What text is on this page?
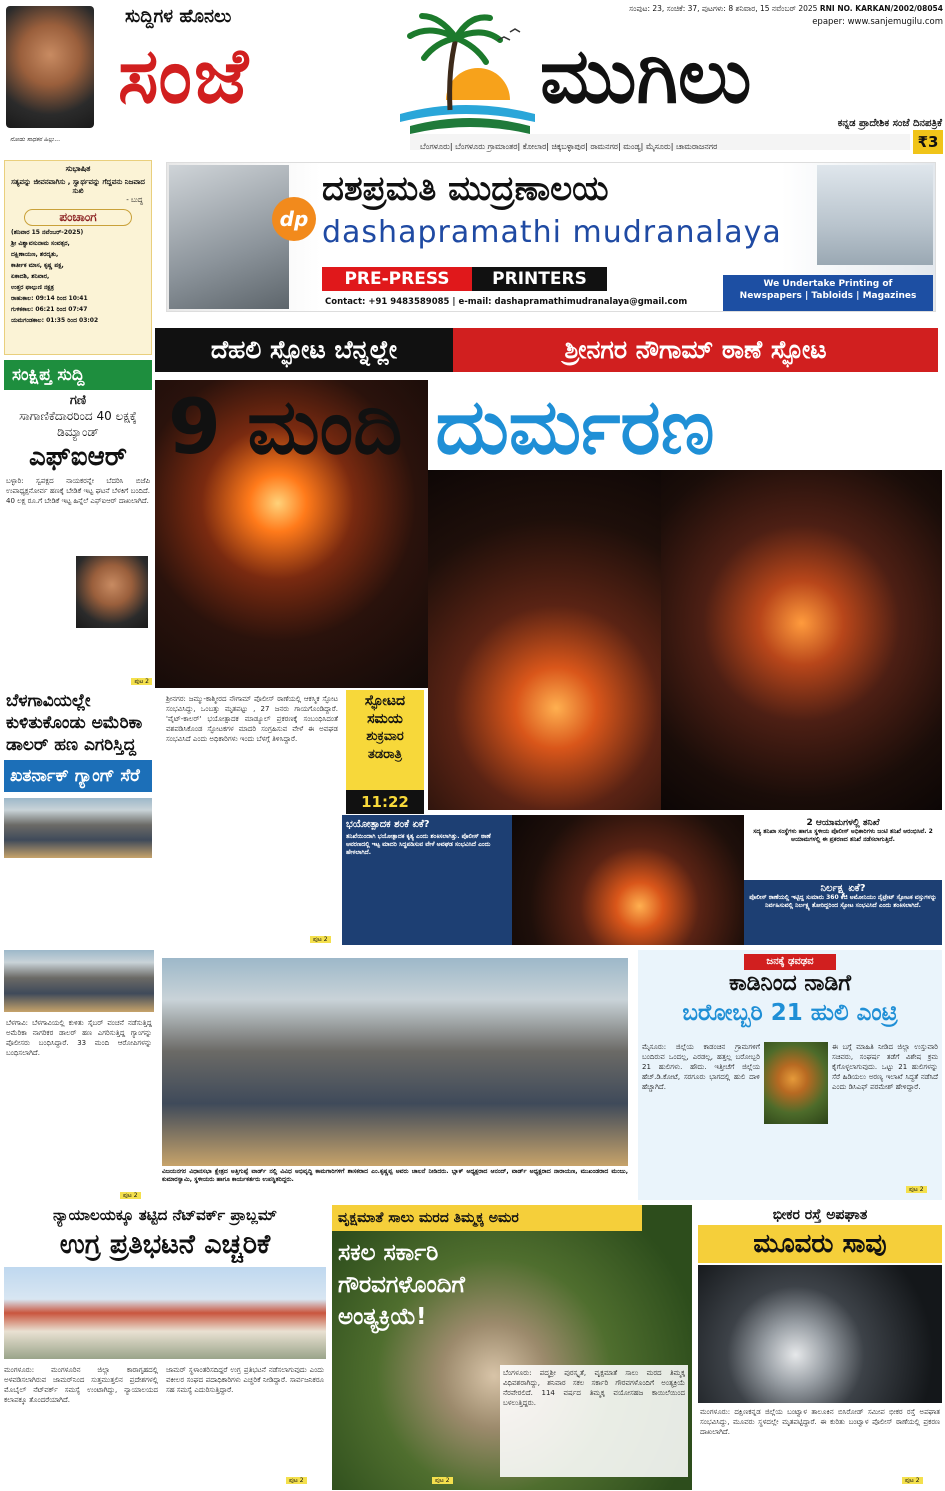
ನೋಡು ಸಾಧಕನ ಹಿಲ್ಲು...
ಸುದ್ದಿಗಳ ಹೊನಲು
ಸಂಜೆ	ಮುಗಿಲು
ಸಂಪುಟ: 23, ಸಂಚಿಕೆ: 37, ಪುಟಗಳು: 8 ಶನಿವಾರ, 15 ನವೆಂಬರ್ 2025 RNI NO. KARKAN/2002/08054
epaper: www.sanjemugilu.com
ಕನ್ನಡ ಪ್ರಾದೇಶಿಕ ಸಂಜೆ ದಿನಪತ್ರಿಕೆ
ಬೆಂಗಳೂರು| ಬೆಂಗಳೂರು ಗ್ರಾಮಾಂತರ| ಕೋಲಾರ| ಚಿಕ್ಕಬಳ್ಳಾಪುರ| ರಾಮನಗರ| ಮಂಡ್ಯ| ಮೈಸೂರು| ಚಾಮರಾಜನಗರ	₹3
ಸುಭಾಷಿತ
ಸತ್ಯವನ್ನು ಜೀವನವಾಗಿಸು , ಸ್ವಾರ್ಥವನ್ನು ಗೆದ್ದವನು ನಿಜವಾದ ಸುಖಿ
- ಬುದ್ಧ
ಪಂಚಾಂಗ
(ಶನಿವಾರ 15 ನವೆಂಬರ್-2025)
ಶ್ರೀ ವಿಶ್ವಾವಸುನಾಮ ಸಂವತ್ಸರ,
ದಕ್ಷಿಣಾಯಣ, ಶರದೃತು,
ಕಾರ್ತೀಕ ಮಾಸ, ಕೃಷ್ಣ ಪಕ್ಷ,
ಏಕಾದಶಿ, ಶನಿವಾರ,
ಉತ್ತರ ಫಾಲ್ಗುಣಿ ನಕ್ಷತ್ರ
ರಾಹುಕಾಲ: 09:14 ರಿಂದ 10:41
ಗುಳಿಕಕಾಲ: 06:21 ರಿಂದ 07:47
ಯಮಗಂಡಕಾಲ: 01:35 ರಿಂದ 03:02
ಸಂಕ್ಷಿಪ್ತ ಸುದ್ದಿ
ಗಣಿ
ಸಾಗಾಣಿಕೆದಾರರಿಂದ 40 ಲಕ್ಷಕ್ಕೆ ಡಿಮ್ಯಾಂಡ್
ಎಫ್‌ಐಆರ್
ಬಳ್ಳಾರಿ: ಸ್ವಪಕ್ಷದ ನಾಯಕರನ್ನೇ ಬೆದರಿಸಿ ಬಿಜೆಪಿ ಉಪಾಧ್ಯಕ್ಷನೋರ್ವ ಹಣಕ್ಕೆ ಬೇಡಿಕೆ ಇಟ್ಟ ಘಟನೆ ಬೆಳಕಿಗೆ ಬಂದಿದೆ. 40 ಲಕ್ಷ ರೂ.ಗೆ ಬೇಡಿಕೆ ಇಟ್ಟ ಹಿನ್ನೆಲೆ ಎಫ್‌ಐಆರ್ ದಾಖಲಾಗಿದೆ.
ಪುಟ 2
ಬೆಳಗಾವಿಯಲ್ಲೇ ಕುಳಿತುಕೊಂಡು ಅಮೆರಿಕಾ ಡಾಲರ್ ಹಣ ಎಗರಿಸ್ತಿದ್ದ
ಖತರ್ನಾಕ್ ಗ್ಯಾಂಗ್ ಸೆರೆ
dp
ದಶಪ್ರಮತಿ ಮುದ್ರಣಾಲಯ
dashapramathi mudranalaya
PRE-PRESS	PRINTERS
Contact: +91 9483589085 | e-mail: dashapramathimudranalaya@gmail.com
We Undertake Printing of
Newspapers | Tabloids | Magazines
ದೆಹಲಿ ಸ್ಫೋಟ ಬೆನ್ನಲ್ಲೇ	ಶ್ರೀನಗರ ನೌಗಾಮ್ ಠಾಣೆ ಸ್ಫೋಟ
9 ಮಂದಿ ದುರ್ಮರಣ
ಶ್ರೀನಗರ: ಜಮ್ಮು-ಕಾಶ್ಮೀರದ ನೌಗಾಮ್ ಪೊಲೀಸ್ ಠಾಣೆಯಲ್ಲಿ ಆಕಸ್ಮಿಕ ಸ್ಫೋಟ ಸಂಭವಿಸಿದ್ದು, ಒಂಬತ್ತು ಮೃತಪಟ್ಟು , 27 ಜನರು ಗಾಯಗೊಂಡಿದ್ದಾರೆ. 'ವೈಟ್-ಕಾಲರ್' ಭಯೋತ್ಪಾದಕ ಮಾಡ್ಯೂಲ್ ಪ್ರಕರಣಕ್ಕೆ ಸಂಬಂಧಿಸಿದಂತೆ ವಶಪಡಿಸಿಕೊಂಡ ಸ್ಫೋಟಕಗಳ ಮಾದರಿ ಸಂಗ್ರಹಿಸುವ ವೇಳೆ ಈ ಅವಘಡ ಸಂಭವಿಸಿದೆ ಎಂದು ಅಧಿಕಾರಿಗಳು ಇಂದು ಬೆಳಗ್ಗೆ ತಿಳಿಸಿದ್ದಾರೆ.
ಪುಟ 2
ಸ್ಫೋಟದ
ಸಮಯ
ಶುಕ್ರವಾರ
ತಡರಾತ್ರಿ
11:22
ಭಯೋತ್ಪಾದಕ ಶಂಕೆ ಏಕೆ?
ತನಿಖೆಯಿಂದಾಗಿ ಭಯೋತ್ಪಾದಕ ಕೃತ್ಯ ಎಂದು ಶಂಕಿಸಲಾಗಿತ್ತು. ಪೊಲೀಸ್ ಠಾಣೆ ಆವರಣದಲ್ಲಿ ಇಟ್ಟ ಮಾದರಿ ಸಿದ್ಧಪಡಿಸುವ ವೇಳೆ ಅವಘಡ ಸಂಭವಿಸಿದೆ ಎಂದು ಹೇಳಲಾಗಿದೆ.
2 ಆಯಾಮಗಳಲ್ಲಿ ತನಿಖೆ
ಸದ್ಯ ತನಿಖಾ ಸಂಸ್ಥೆಗಳು ಹಾಗೂ ಸ್ಥಳೀಯ ಪೊಲೀಸ್ ಅಧಿಕಾರಿಗಳು ಜಂಟಿ ತನಿಖೆ ಆರಂಭಿಸಿವೆ. 2 ಆಯಾಮಗಳಲ್ಲಿ ಈ ಪ್ರಕರಣದ ತನಿಖೆ ನಡೆಸಲಾಗುತ್ತಿದೆ.
ನಿರ್ಲಕ್ಷ್ಯ ಏಕೆ?
ಪೊಲೀಸ್ ಠಾಣೆಯಲ್ಲಿ ಇಟ್ಟಿದ್ದ ಸುಮಾರು 360 ಕೆಜಿ ಅಮೋನಿಯಂ ನೈಟ್ರೇಟ್ ಸ್ಫೋಟಕ ವಸ್ತುಗಳನ್ನು ನಿರ್ವಹಿಸುವಲ್ಲಿ ನಿರ್ಲಕ್ಷ್ಯ ತೋರಿದ್ದರಿಂದ ಸ್ಫೋಟ ಸಂಭವಿಸಿದೆ ಎಂದು ಶಂಕಿಸಲಾಗಿದೆ.
ಬೆಳಗಾವಿ: ಬೆಳಗಾವಿಯಲ್ಲಿ ಕುಳಿತು ಸೈಬರ್ ವಂಚನೆ ನಡೆಸುತ್ತಿದ್ದ ಅಮೆರಿಕಾ ನಾಗರಿಕರ ಡಾಲರ್ ಹಣ ಎಗರಿಸುತ್ತಿದ್ದ ಗ್ಯಾಂಗನ್ನು ಪೊಲೀಸರು ಬಂಧಿಸಿದ್ದಾರೆ. 33 ಮಂದಿ ಆರೋಪಿಗಳನ್ನು ಬಂಧಿಸಲಾಗಿದೆ.
ಪುಟ 2
ವಿಜಯನಗರ ವಿಧಾನಸಭಾ ಕ್ಷೇತ್ರದ ಅತ್ತಿಗುಪ್ಪೆ ವಾರ್ಡ್ ನಲ್ಲಿ ವಿವಿಧ ಅಭಿವೃದ್ಧಿ ಕಾಮಗಾರಿಗಳಿಗೆ ಶಾಸಕರಾದ ಎಂ.ಕೃಷ್ಣಪ್ಪ ಅವರು ಚಾಲನೆ ನೀಡಿದರು. ಬ್ಲಾಕ್ ಅಧ್ಯಕ್ಷರಾದ ಆನಂದ್, ವಾರ್ಡ್ ಅಧ್ಯಕ್ಷರಾದ ನಾರಾಯಣ, ಮುಖಂಡರಾದ ಮಂಜು, ಕುಮಾರಸ್ವಾಮಿ, ಸ್ಥಳೀಯರು ಹಾಗೂ ಕಾರ್ಯಕರ್ತರು ಉಪಸ್ಥಿತರಿದ್ದರು.
ಜನಕ್ಕೆ ಢವಢವ
ಕಾಡಿನಿಂದ ನಾಡಿಗೆ
ಬರೋಬ್ಬರಿ 21 ಹುಲಿ ಎಂಟ್ರಿ
ಮೈಸೂರು: ಜಿಲ್ಲೆಯ ಕಾಡಂಚಿನ ಗ್ರಾಮಗಳಿಗೆ ಬಂದಿರುವ ಒಂದಲ್ಲ, ಎರಡಲ್ಲ, ಹತ್ತಲ್ಲ ಬರೋಬ್ಬರಿ 21 ಹುಲಿಗಳು. ಹೌದು. ಇತ್ತೀಚೆಗೆ ಜಿಲ್ಲೆಯ ಹೆಚ್.ಡಿ.ಕೋಟೆ, ಸರಗೂರು ಭಾಗದಲ್ಲಿ ಹುಲಿ ದಾಳಿ ಹೆಚ್ಚಾಗಿದೆ.
ಈ ಬಗ್ಗೆ ಮಾಹಿತಿ ನೀಡಿದ ಜಿಲ್ಲಾ ಉಸ್ತುವಾರಿ ಸಚಿವರು, ಸಂಘರ್ಷ ತಡೆಗೆ ವಿಶೇಷ ಕ್ರಮ ಕೈಗೊಳ್ಳಲಾಗುವುದು. ಒಟ್ಟು 21 ಹುಲಿಗಳನ್ನು ಸೆರೆ ಹಿಡಿಯಲು ಅರಣ್ಯ ಇಲಾಖೆ ಸಿದ್ಧತೆ ನಡೆಸಿದೆ ಎಂದು ಡಿಸಿಎಫ್ ಪರಮೇಶ್ ಹೇಳಿದ್ದಾರೆ.
ಪುಟ 2
ನ್ಯಾಯಾಲಯಕ್ಕೂ ತಟ್ಟಿದ ನೆಟ್‌ವರ್ಕ್ ಪ್ರಾಬ್ಲಮ್
ಉಗ್ರ ಪ್ರತಿಭಟನೆ ಎಚ್ಚರಿಕೆ
ಮಂಗಳೂರು: ಮಂಗಳೂರಿನ ಜಿಲ್ಲಾ ಕಾರಾಗೃಹದಲ್ಲಿ ಅಳವಡಿಸಲಾಗಿರುವ ಜಾಮರ್‌ನಿಂದ ಸುತ್ತಮುತ್ತಲಿನ ಪ್ರದೇಶಗಳಲ್ಲಿ ಮೊಬೈಲ್ ನೆಟ್‌ವರ್ಕ್ ಸಮಸ್ಯೆ ಉಂಟಾಗಿದ್ದು, ನ್ಯಾಯಾಲಯದ ಕಲಾಪಕ್ಕೂ ತೊಂದರೆಯಾಗಿದೆ.
ಜಾಮರ್ ಸ್ಥಳಾಂತರಿಸದಿದ್ದರೆ ಉಗ್ರ ಪ್ರತಿಭಟನೆ ನಡೆಸಲಾಗುವುದು ಎಂದು ವಕೀಲರ ಸಂಘದ ಪದಾಧಿಕಾರಿಗಳು ಎಚ್ಚರಿಕೆ ನೀಡಿದ್ದಾರೆ. ಸಾರ್ವಜನಿಕರೂ ಸಹ ಸಮಸ್ಯೆ ಎದುರಿಸುತ್ತಿದ್ದಾರೆ.
ಪುಟ 2
ವೃಕ್ಷಮಾತೆ ಸಾಲು ಮರದ ತಿಮ್ಮಕ್ಕ ಅಮರ
ಸಕಲ ಸರ್ಕಾರಿ
ಗೌರವಗಳೊಂದಿಗೆ
ಅಂತ್ಯಕ್ರಿಯೆ!
ಬೆಂಗಳೂರು: ಪದ್ಮಶ್ರೀ ಪುರಸ್ಕೃತೆ, ವೃಕ್ಷಮಾತೆ ಸಾಲು ಮರದ ತಿಮ್ಮಕ್ಕ ವಿಧಿವಶರಾಗಿದ್ದು, ಶನಿವಾರ ಸಕಲ ಸರ್ಕಾರಿ ಗೌರವಗಳೊಂದಿಗೆ ಅಂತ್ಯಕ್ರಿಯೆ ನೆರವೇರಲಿದೆ. 114 ವರ್ಷದ ತಿಮ್ಮಕ್ಕ ವಯೋಸಹಜ ಕಾಯಿಲೆಯಿಂದ ಬಳಲುತ್ತಿದ್ದರು.
ಪುಟ 2
ಭೀಕರ ರಸ್ತೆ ಅಪಘಾತ
ಮೂವರು ಸಾವು
ಮಂಗಳೂರು: ದಕ್ಷಿಣಕನ್ನಡ ಜಿಲ್ಲೆಯ ಬಂಟ್ವಾಳ ತಾಲೂಕಿನ ಬಿಸಿರೋಡ್ ಸಮೀಪ ಭೀಕರ ರಸ್ತೆ ಅಪಘಾತ ಸಂಭವಿಸಿದ್ದು, ಮೂವರು ಸ್ಥಳದಲ್ಲೇ ಮೃತಪಟ್ಟಿದ್ದಾರೆ. ಈ ಕುರಿತು ಬಂಟ್ವಾಳ ಪೊಲೀಸ್ ಠಾಣೆಯಲ್ಲಿ ಪ್ರಕರಣ ದಾಖಲಾಗಿದೆ.
ಪುಟ 2
